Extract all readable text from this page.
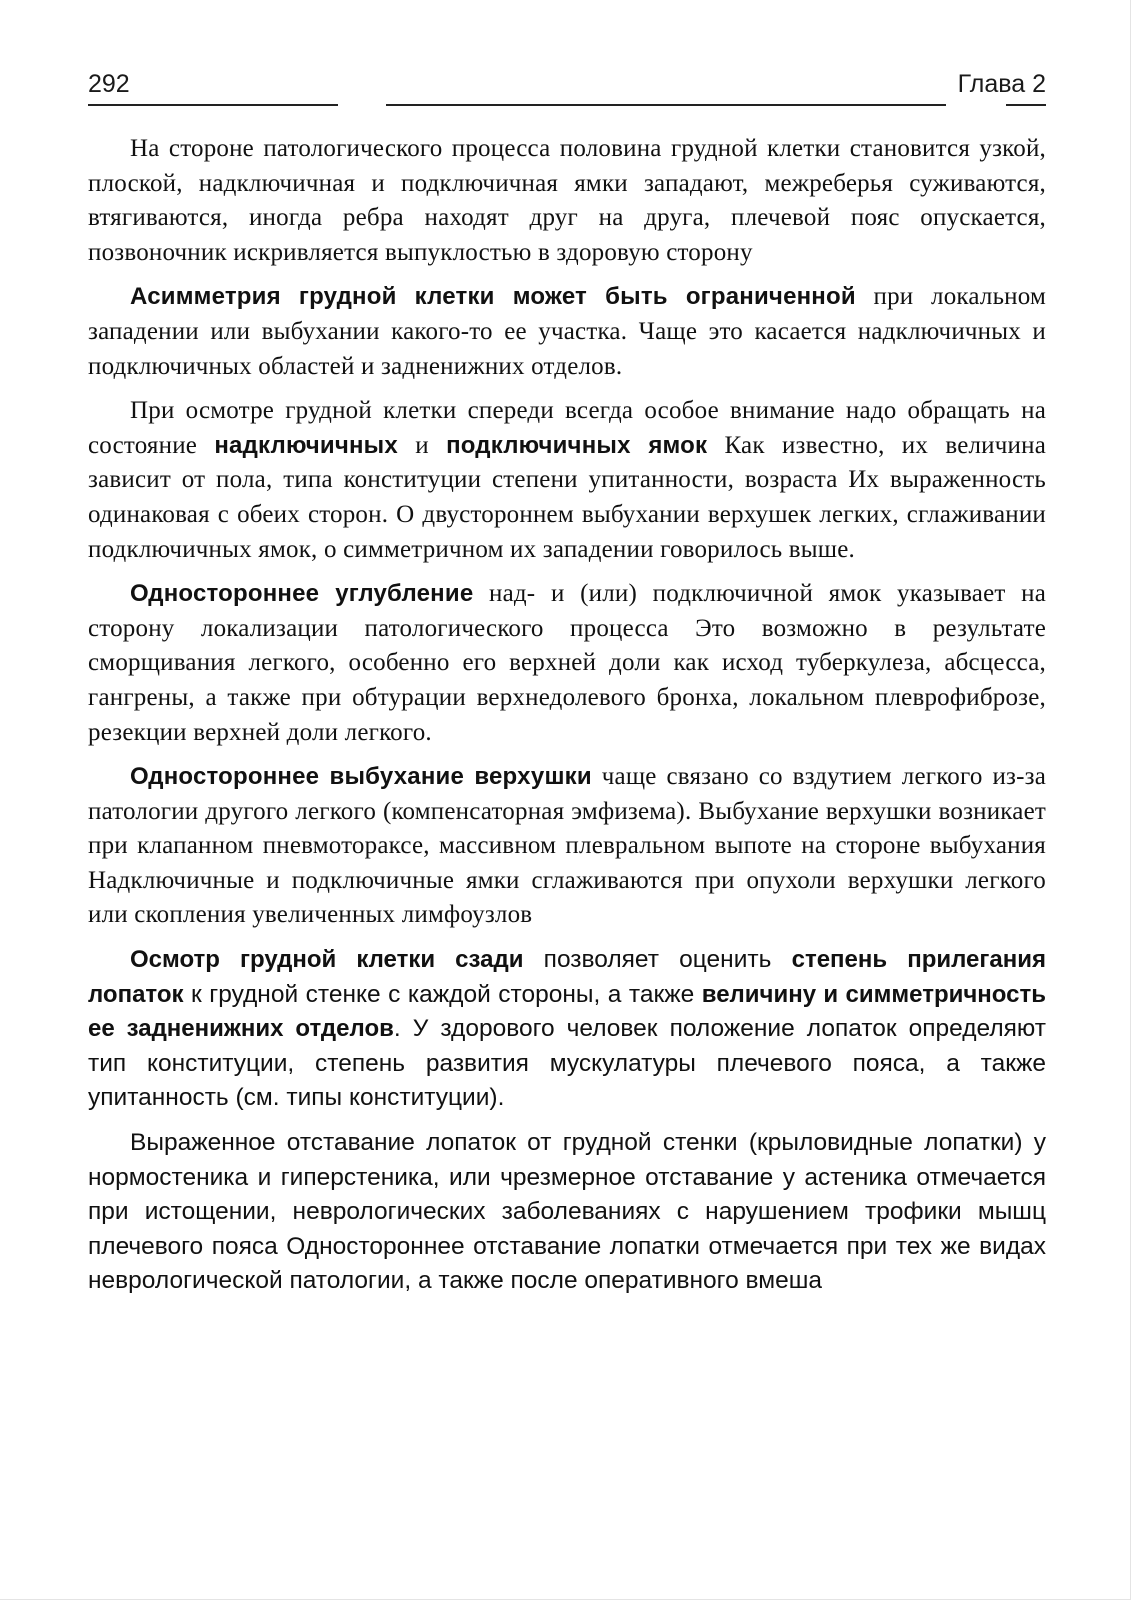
292	Глава 2

На стороне патологического процесса половина грудной клетки становится узкой, плоской, надключичная и подключичная ямки западают, межреберья суживаются, втягиваются, иногда ребра находят друг на друга, плечевой пояс опускается, позвоночник искривляется выпуклостью в здоровую сторону

Асимметрия грудной клетки может быть ограниченной при локальном западении или выбухании какого-то ее участка. Чаще это касается надключичных и подключичных областей и задненижних отделов.

При осмотре грудной клетки спереди всегда особое внимание надо обращать на состояние надключичных и подключичных ямок Как известно, их величина зависит от пола, типа конституции степени упитанности, возраста Их выраженность одинаковая с обеих сторон. О двустороннем выбухании верхушек легких, сглаживании подключичных ямок, о симметричном их западении говорилось выше.

Одностороннее углубление над- и (или) подключичной ямок указывает на сторону локализации патологического процесса Это возможно в результате сморщивания легкого, особенно его верхней доли как исход туберкулеза, абсцесса, гангрены, а также при обтурации верхнедолевого бронха, локальном плеврофиброзе, резекции верхней доли легкого.

Одностороннее выбухание верхушки чаще связано со вздутием легкого из-за патологии другого легкого (компенсаторная эмфизема). Выбухание верхушки возникает при клапанном пневмотораксе, массивном плевральном выпоте на стороне выбухания Надключичные и подключичные ямки сглаживаются при опухоли верхушки легкого или скопления увеличенных лимфоузлов

Осмотр грудной клетки сзади позволяет оценить степень прилегания лопаток к грудной стенке с каждой стороны, а также величину и симметричность ее задненижних отделов. У здорового человек положение лопаток определяют тип конституции, степень развития мускулатуры плечевого пояса, а также упитанность (см. типы конституции).

Выраженное отставание лопаток от грудной стенки (крыловидные лопатки) у нормостеника и гиперстеника, или чрезмерное отставание у астеника отмечается при истощении, неврологических заболеваниях с нарушением трофики мышц плечевого пояса Одностороннее отставание лопатки отмечается при тех же видах неврологической патологии, а также после оперативного вмеша
